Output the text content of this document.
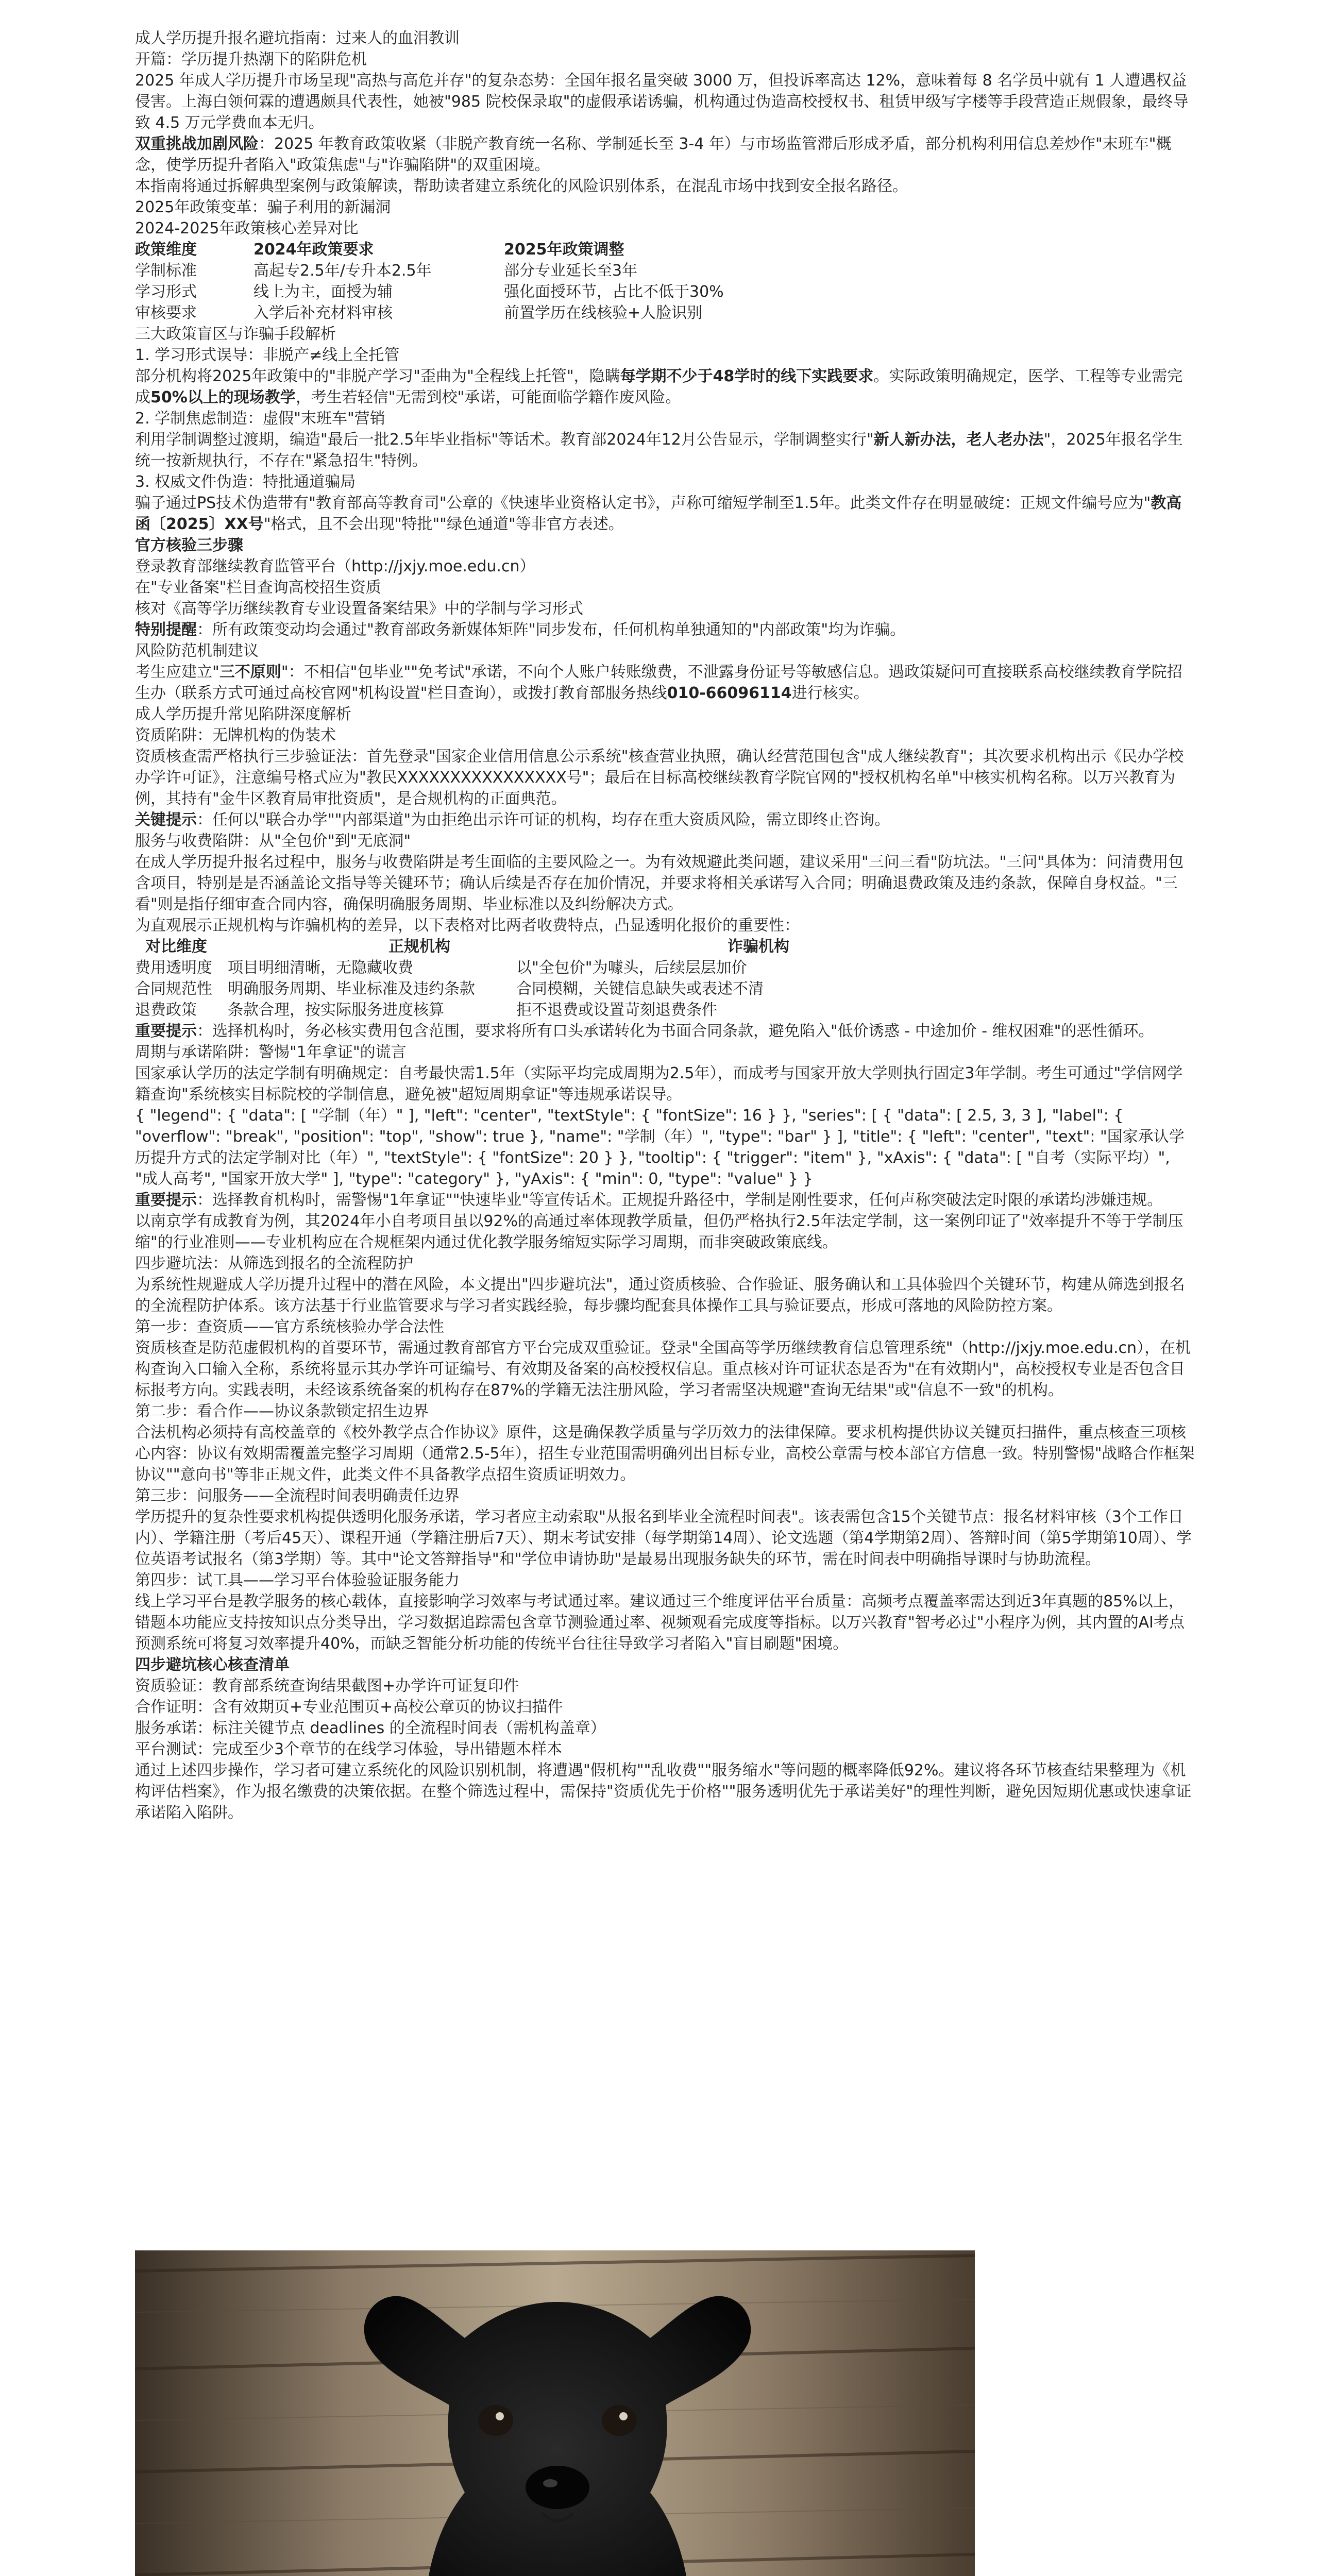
成人学历提升报名避坑指南：过来人的血泪教训

开篇：学历提升热潮下的陷阱危机

2025 年成人学历提升市场呈现"高热与高危并存"的复杂态势：全国年报名量突破 3000 万，但投诉率高达 12%，意味着每 8 名学员中就有 1 人遭遇权益侵害。上海白领何霖的遭遇颇具代表性，她被"985 院校保录取"的虚假承诺诱骗，机构通过伪造高校授权书、租赁甲级写字楼等手段营造正规假象，最终导致 4.5 万元学费血本无归。

双重挑战加剧风险：2025 年教育政策收紧（非脱产教育统一名称、学制延长至 3-4 年）与市场监管滞后形成矛盾，部分机构利用信息差炒作"末班车"概念，使学历提升者陷入"政策焦虑"与"诈骗陷阱"的双重困境。

本指南将通过拆解典型案例与政策解读，帮助读者建立系统化的风险识别体系，在混乱市场中找到安全报名路径。

2025年政策变革：骗子利用的新漏洞

2024-2025年政策核心差异对比

政策维度	2024年政策要求	2025年政策调整
学制标准	高起专2.5年/专升本2.5年	部分专业延长至3年
学习形式	线上为主，面授为辅	强化面授环节，占比不低于30%
审核要求	入学后补充材料审核	前置学历在线核验+人脸识别

三大政策盲区与诈骗手段解析

1. 学习形式误导：非脱产≠线上全托管

部分机构将2025年政策中的"非脱产学习"歪曲为"全程线上托管"，隐瞒每学期不少于48学时的线下实践要求。实际政策明确规定，医学、工程等专业需完成50%以上的现场教学，考生若轻信"无需到校"承诺，可能面临学籍作废风险。

2. 学制焦虑制造：虚假"末班车"营销

利用学制调整过渡期，编造"最后一批2.5年毕业指标"等话术。教育部2024年12月公告显示，学制调整实行"新人新办法，老人老办法"，2025年报名学生统一按新规执行，不存在"紧急招生"特例。

3. 权威文件伪造：特批通道骗局

骗子通过PS技术伪造带有"教育部高等教育司"公章的《快速毕业资格认定书》，声称可缩短学制至1.5年。此类文件存在明显破绽：正规文件编号应为"教高函〔2025〕XX号"格式，且不会出现"特批""绿色通道"等非官方表述。

官方核验三步骤

登录教育部继续教育监管平台（http://jxjy.moe.edu.cn）

在"专业备案"栏目查询高校招生资质

核对《高等学历继续教育专业设置备案结果》中的学制与学习形式

特别提醒：所有政策变动均会通过"教育部政务新媒体矩阵"同步发布，任何机构单独通知的"内部政策"均为诈骗。

风险防范机制建议

考生应建立"三不原则"：不相信"包毕业""免考试"承诺，不向个人账户转账缴费，不泄露身份证号等敏感信息。遇政策疑问可直接联系高校继续教育学院招生办（联系方式可通过高校官网"机构设置"栏目查询），或拨打教育部服务热线010-66096114进行核实。

成人学历提升常见陷阱深度解析

资质陷阱：无牌机构的伪装术

资质核查需严格执行三步验证法：首先登录"国家企业信用信息公示系统"核查营业执照，确认经营范围包含"成人继续教育"；其次要求机构出示《民办学校办学许可证》，注意编号格式应为"教民XXXXXXXXXXXXXXXX号"；最后在目标高校继续教育学院官网的"授权机构名单"中核实机构名称。以万兴教育为例，其持有"金牛区教育局审批资质"，是合规机构的正面典范。

关键提示：任何以"联合办学""内部渠道"为由拒绝出示许可证的机构，均存在重大资质风险，需立即终止咨询。

服务与收费陷阱：从"全包价"到"无底洞"

在成人学历提升报名过程中，服务与收费陷阱是考生面临的主要风险之一。为有效规避此类问题，建议采用"三问三看"防坑法。"三问"具体为：问清费用包含项目，特别是是否涵盖论文指导等关键环节；确认后续是否存在加价情况，并要求将相关承诺写入合同；明确退费政策及违约条款，保障自身权益。"三看"则是指仔细审查合同内容，确保明确服务周期、毕业标准以及纠纷解决方式。

为直观展示正规机构与诈骗机构的差异，以下表格对比两者收费特点，凸显透明化报价的重要性：

对比维度	正规机构	诈骗机构
费用透明度	项目明细清晰，无隐藏收费	以"全包价"为噱头，后续层层加价
合同规范性	明确服务周期、毕业标准及违约条款	合同模糊，关键信息缺失或表述不清
退费政策	条款合理，按实际服务进度核算	拒不退费或设置苛刻退费条件

重要提示：选择机构时，务必核实费用包含范围，要求将所有口头承诺转化为书面合同条款，避免陷入"低价诱惑 - 中途加价 - 维权困难"的恶性循环。

周期与承诺陷阱：警惕"1年拿证"的谎言

国家承认学历的法定学制有明确规定：自考最快需1.5年（实际平均完成周期为2.5年），而成考与国家开放大学则执行固定3年学制。考生可通过"学信网学籍查询"系统核实目标院校的学制信息，避免被"超短周期拿证"等违规承诺误导。

{ "legend": { "data": [ "学制（年）" ], "left": "center", "textStyle": { "fontSize": 16 } }, "series": [ { "data": [ 2.5, 3, 3 ], "label": { "overflow": "break", "position": "top", "show": true }, "name": "学制（年）", "type": "bar" } ], "title": { "left": "center", "text": "国家承认学历提升方式的法定学制对比（年）", "textStyle": { "fontSize": 20 } }, "tooltip": { "trigger": "item" }, "xAxis": { "data": [ "自考（实际平均）", "成人高考", "国家开放大学" ], "type": "category" }, "yAxis": { "min": 0, "type": "value" } }

重要提示：选择教育机构时，需警惕"1年拿证""快速毕业"等宣传话术。正规提升路径中，学制是刚性要求，任何声称突破法定时限的承诺均涉嫌违规。

以南京学有成教育为例，其2024年小自考项目虽以92%的高通过率体现教学质量，但仍严格执行2.5年法定学制，这一案例印证了"效率提升不等于学制压缩"的行业准则——专业机构应在合规框架内通过优化教学服务缩短实际学习周期，而非突破政策底线。

四步避坑法：从筛选到报名的全流程防护

为系统性规避成人学历提升过程中的潜在风险，本文提出"四步避坑法"，通过资质核验、合作验证、服务确认和工具体验四个关键环节，构建从筛选到报名的全流程防护体系。该方法基于行业监管要求与学习者实践经验，每步骤均配套具体操作工具与验证要点，形成可落地的风险防控方案。

第一步：查资质——官方系统核验办学合法性

资质核查是防范虚假机构的首要环节，需通过教育部官方平台完成双重验证。登录"全国高等学历继续教育信息管理系统"（http://jxjy.moe.edu.cn），在机构查询入口输入全称，系统将显示其办学许可证编号、有效期及备案的高校授权信息。重点核对许可证状态是否为"在有效期内"，高校授权专业是否包含目标报考方向。实践表明，未经该系统备案的机构存在87%的学籍无法注册风险，学习者需坚决规避"查询无结果"或"信息不一致"的机构。

第二步：看合作——协议条款锁定招生边界

合法机构必须持有高校盖章的《校外教学点合作协议》原件，这是确保教学质量与学历效力的法律保障。要求机构提供协议关键页扫描件，重点核查三项核心内容：协议有效期需覆盖完整学习周期（通常2.5-5年），招生专业范围需明确列出目标专业，高校公章需与校本部官方信息一致。特别警惕"战略合作框架协议""意向书"等非正规文件，此类文件不具备教学点招生资质证明效力。

第三步：问服务——全流程时间表明确责任边界

学历提升的复杂性要求机构提供透明化服务承诺，学习者应主动索取"从报名到毕业全流程时间表"。该表需包含15个关键节点：报名材料审核（3个工作日内）、学籍注册（考后45天）、课程开通（学籍注册后7天）、期末考试安排（每学期第14周）、论文选题（第4学期第2周）、答辩时间（第5学期第10周）、学位英语考试报名（第3学期）等。其中"论文答辩指导"和"学位申请协助"是最易出现服务缺失的环节，需在时间表中明确指导课时与协助流程。

第四步：试工具——学习平台体验验证服务能力

线上学习平台是教学服务的核心载体，直接影响学习效率与考试通过率。建议通过三个维度评估平台质量：高频考点覆盖率需达到近3年真题的85%以上，错题本功能应支持按知识点分类导出，学习数据追踪需包含章节测验通过率、视频观看完成度等指标。以万兴教育"智考必过"小程序为例，其内置的AI考点预测系统可将复习效率提升40%，而缺乏智能分析功能的传统平台往往导致学习者陷入"盲目刷题"困境。

四步避坑核心核查清单

资质验证：教育部系统查询结果截图+办学许可证复印件

合作证明：含有效期页+专业范围页+高校公章页的协议扫描件

服务承诺：标注关键节点 deadlines 的全流程时间表（需机构盖章）

平台测试：完成至少3个章节的在线学习体验，导出错题本样本

通过上述四步操作，学习者可建立系统化的风险识别机制，将遭遇"假机构""乱收费""服务缩水"等问题的概率降低92%。建议将各环节核查结果整理为《机构评估档案》，作为报名缴费的决策依据。在整个筛选过程中，需保持"资质优先于价格""服务透明优先于承诺美好"的理性判断，避免因短期优惠或快速拿证承诺陷入陷阱。
